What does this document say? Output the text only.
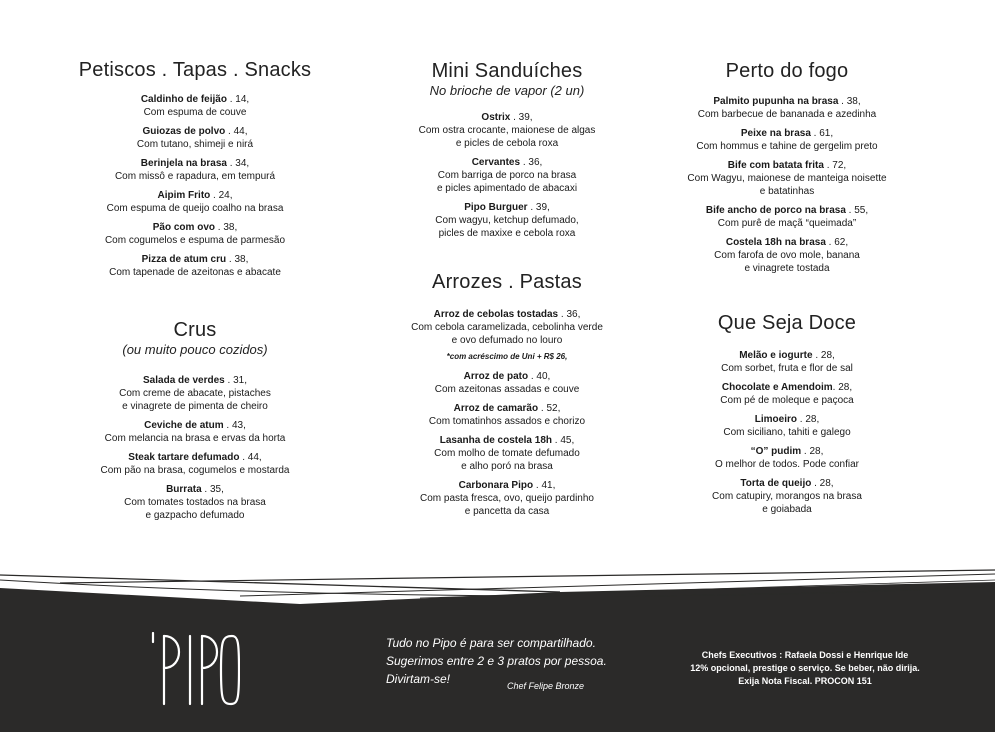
Petiscos . Tapas . Snacks
Caldinho de feijão . 14,
Com espuma de couve
Guiozas de polvo . 44,
Com tutano, shimeji e nirá
Berinjela na brasa . 34,
Com missô e rapadura, em tempurá
Aipim Frito . 24,
Com espuma de queijo coalho na brasa
Pão com ovo . 38,
Com cogumelos e espuma de parmesão
Pizza de atum cru . 38,
Com tapenade de azeitonas e abacate
Crus

(ou muito pouco cozidos)

Salada de verdes . 31,
Com creme de abacate, pistaches
e vinagrete de pimenta de cheiro
Ceviche de atum . 43,
Com melancia na brasa e ervas da horta
Steak tartare defumado . 44,
Com pão na brasa, cogumelos e mostarda
Burrata . 35,
Com tomates tostados na brasa
e gazpacho defumado
Mini Sanduíches

No brioche de vapor (2 un)

Ostrix . 39,
Com ostra crocante, maionese de algas
e picles de cebola roxa
Cervantes . 36,
Com barriga de porco na brasa
e picles apimentado de abacaxi
Pipo Burguer . 39,
Com wagyu, ketchup defumado,
picles de maxixe e cebola roxa
Arrozes . Pastas
Arroz de cebolas tostadas . 36,
Com cebola caramelizada, cebolinha verde
e ovo defumado no louro
*com acréscimo de Uni + R$ 26,
Arroz de pato . 40,
Com azeitonas assadas e couve
Arroz de camarão . 52,
Com tomatinhos assados e chorizo
Lasanha de costela 18h . 45,
Com molho de tomate defumado
e alho poró na brasa
Carbonara Pipo . 41,
Com pasta fresca, ovo, queijo pardinho
e pancetta da casa
Perto do fogo
Palmito pupunha na brasa . 38,
Com barbecue de bananada e azedinha
Peixe na brasa . 61,
Com hommus e tahine de gergelim preto
Bife com batata frita . 72,
Com Wagyu, maionese de manteiga noisette
e batatinhas
Bife ancho de porco na brasa . 55,
Com purê de maçã “queimada”
Costela 18h na brasa . 62,
Com farofa de ovo mole, banana
e vinagrete tostada
Que Seja Doce
Melão e iogurte . 28,
Com sorbet, fruta e flor de sal
Chocolate e Amendoim. 28,
Com pé de moleque e paçoca
Limoeiro . 28,
Com siciliano, tahiti e galego
“O” pudim . 28,
O melhor de todos. Pode confiar
Torta de queijo . 28,
Com catupiry, morangos na brasa
e goiabada
Tudo no Pipo é para ser compartilhado.
Sugerimos entre 2 e 3 pratos por pessoa.
Divirtam-se!	Chef Felipe Bronze
Chefs Executivos : Rafaela Dossi e Henrique Ide
12% opcional, prestige o serviço. Se beber, não dirija.
Exija Nota Fiscal. PROCON 151
